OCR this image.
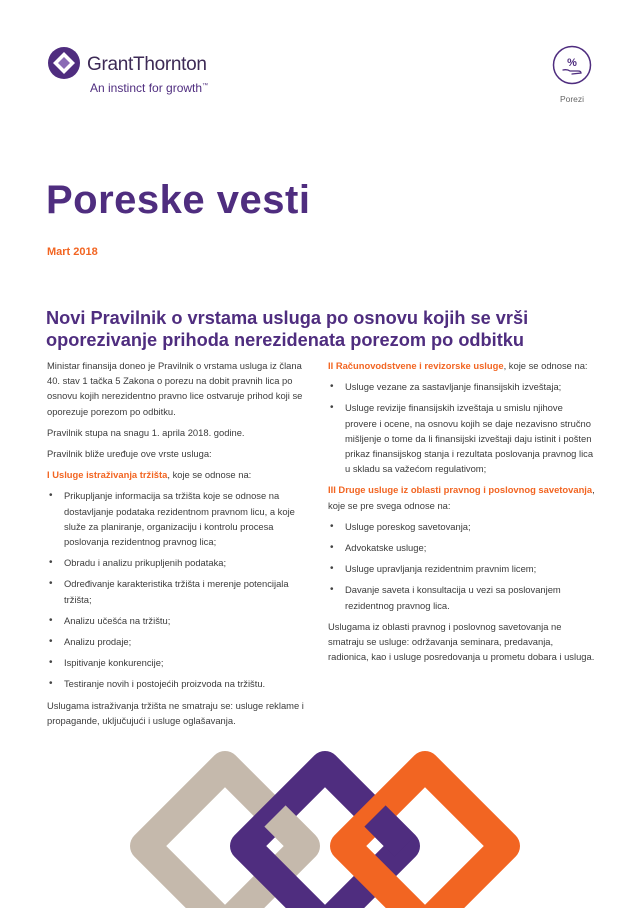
GrantThornton
An instinct for growth™
%
Porezi
Poreske vesti
Mart 2018
Novi Pravilnik o vrstama usluga po osnovu kojih se vrši oporezivanje prihoda nerezidenata porezom po odbitku

Ministar finansija doneo je Pravilnik o vrstama usluga iz člana 40. stav 1 tačka 5 Zakona o porezu na dobit pravnih lica po osnovu kojih nerezidentno pravno lice ostvaruje prihod koji se oporezuje porezom po odbitku.

Pravilnik stupa na snagu 1. aprila 2018. godine.

Pravilnik bliže uređuje ove vrste usluga:

I Usluge istraživanja tržišta, koje se odnose na:

• Prikupljanje informacija sa tržišta koje se odnose na dostavljanje podataka rezidentnom pravnom licu, a koje služe za planiranje, organizaciju i kontrolu procesa poslovanja rezidentnog pravnog lica;
• Obradu i analizu prikupljenih podataka;
• Određivanje karakteristika tržišta i merenje potencijala tržišta;
• Analizu učešća na tržištu;
• Analizu prodaje;
• Ispitivanje konkurencije;
• Testiranje novih i postojećih proizvoda na tržištu.

Uslugama istraživanja tržišta ne smatraju se: usluge reklame i propagande, uključujući i usluge oglašavanja.

II Računovodstvene i revizorske usluge, koje se odnose na:

• Usluge vezane za sastavljanje finansijskih izveštaja;
• Usluge revizije finansijskih izveštaja u smislu njihove provere i ocene, na osnovu kojih se daje nezavisno stručno mišljenje o tome da li finansijski izveštaji daju istinit i pošten prikaz finansijskog stanja i rezultata poslovanja pravnog lica u skladu sa važećom regulativom;

III Druge usluge iz oblasti pravnog i poslovnog savetovanja, koje se pre svega odnose na:

• Usluge poreskog savetovanja;
• Advokatske usluge;
• Usluge upravljanja rezidentnim pravnim licem;
• Davanje saveta i konsultacija u vezi sa poslovanjem rezidentnog pravnog lica.

Uslugama iz oblasti pravnog i poslovnog savetovanja ne smatraju se usluge: održavanja seminara, predavanja, radionica, kao i usluge posredovanja u prometu dobara i usluga.
